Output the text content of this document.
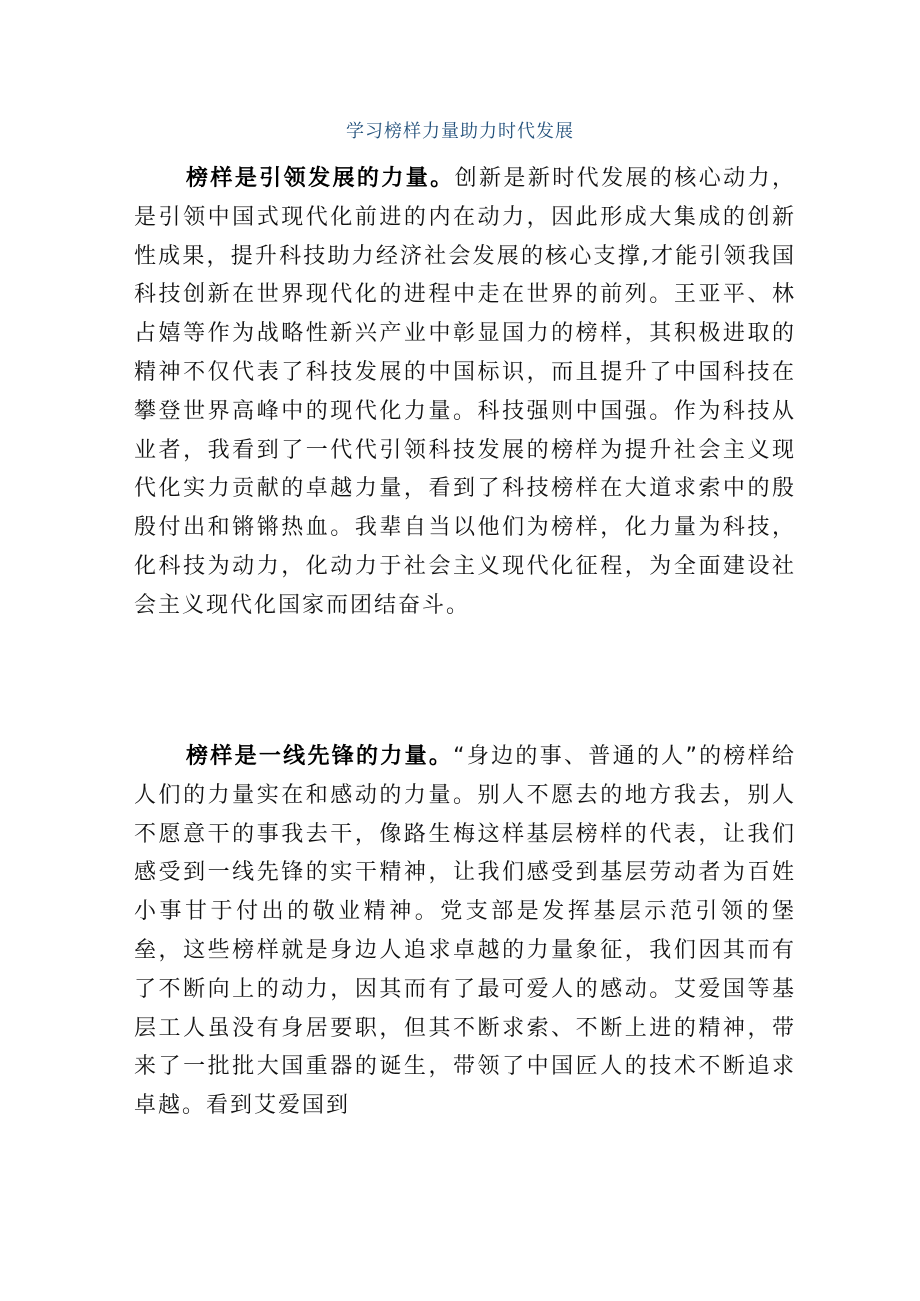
学习榜样力量助力时代发展

榜样是引领发展的力量。创新是新时代发展的核心动力，是引领中国式现代化前进的内在动力，因此形成大集成的创新性成果，提升科技助力经济社会发展的核心支撑,才能引领我国科技创新在世界现代化的进程中走在世界的前列。王亚平、林占嬉等作为战略性新兴产业中彰显国力的榜样，其积极进取的精神不仅代表了科技发展的中国标识，而且提升了中国科技在攀登世界高峰中的现代化力量。科技强则中国强。作为科技从业者，我看到了一代代引领科技发展的榜样为提升社会主义现代化实力贡献的卓越力量，看到了科技榜样在大道求索中的殷殷付出和锵锵热血。我辈自当以他们为榜样，化力量为科技，化科技为动力，化动力于社会主义现代化征程，为全面建设社会主义现代化国家而团结奋斗。

榜样是一线先锋的力量。“身边的事、普通的人”的榜样给人们的力量实在和感动的力量。别人不愿去的地方我去，别人不愿意干的事我去干，像路生梅这样基层榜样的代表，让我们感受到一线先锋的实干精神，让我们感受到基层劳动者为百姓小事甘于付出的敬业精神。党支部是发挥基层示范引领的堡垒，这些榜样就是身边人追求卓越的力量象征，我们因其而有了不断向上的动力，因其而有了最可爱人的感动。艾爱国等基层工人虽没有身居要职，但其不断求索、不断上进的精神，带来了一批批大国重器的诞生，带领了中国匠人的技术不断追求卓越。看到艾爱国到
